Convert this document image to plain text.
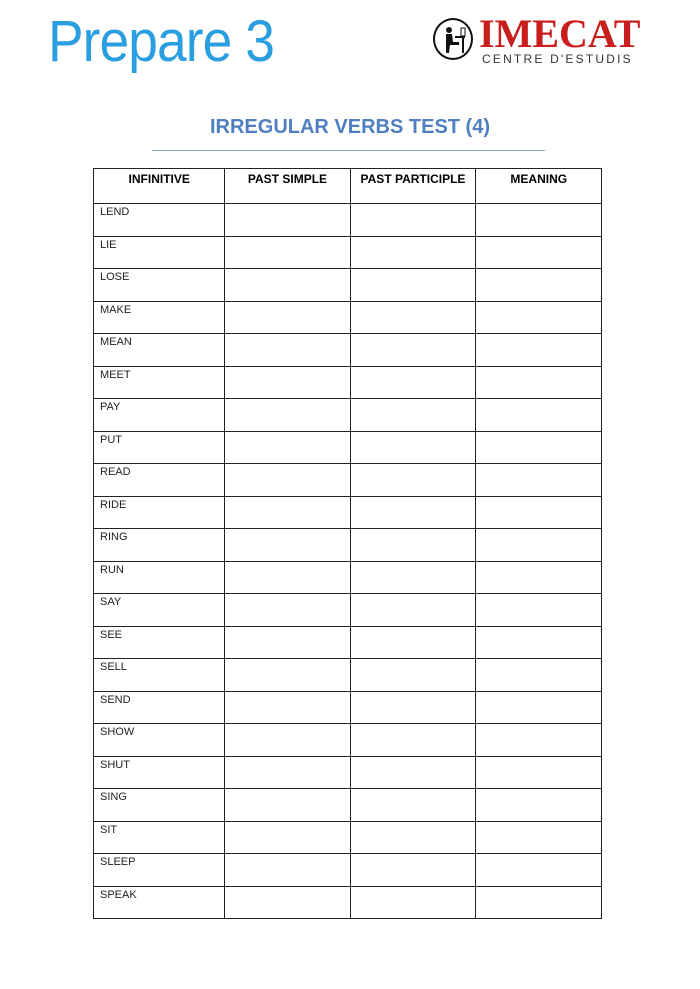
Prepare 3	IMECAT
CENTRE D'ESTUDIS
IRREGULAR VERBS TEST (4)
INFINITIVE	PAST SIMPLE	PAST PARTICIPLE	MEANING
LEND			
LIE			
LOSE			
MAKE			
MEAN			
MEET			
PAY			
PUT			
READ			
RIDE			
RING			
RUN			
SAY			
SEE			
SELL			
SEND			
SHOW			
SHUT			
SING			
SIT			
SLEEP			
SPEAK			
